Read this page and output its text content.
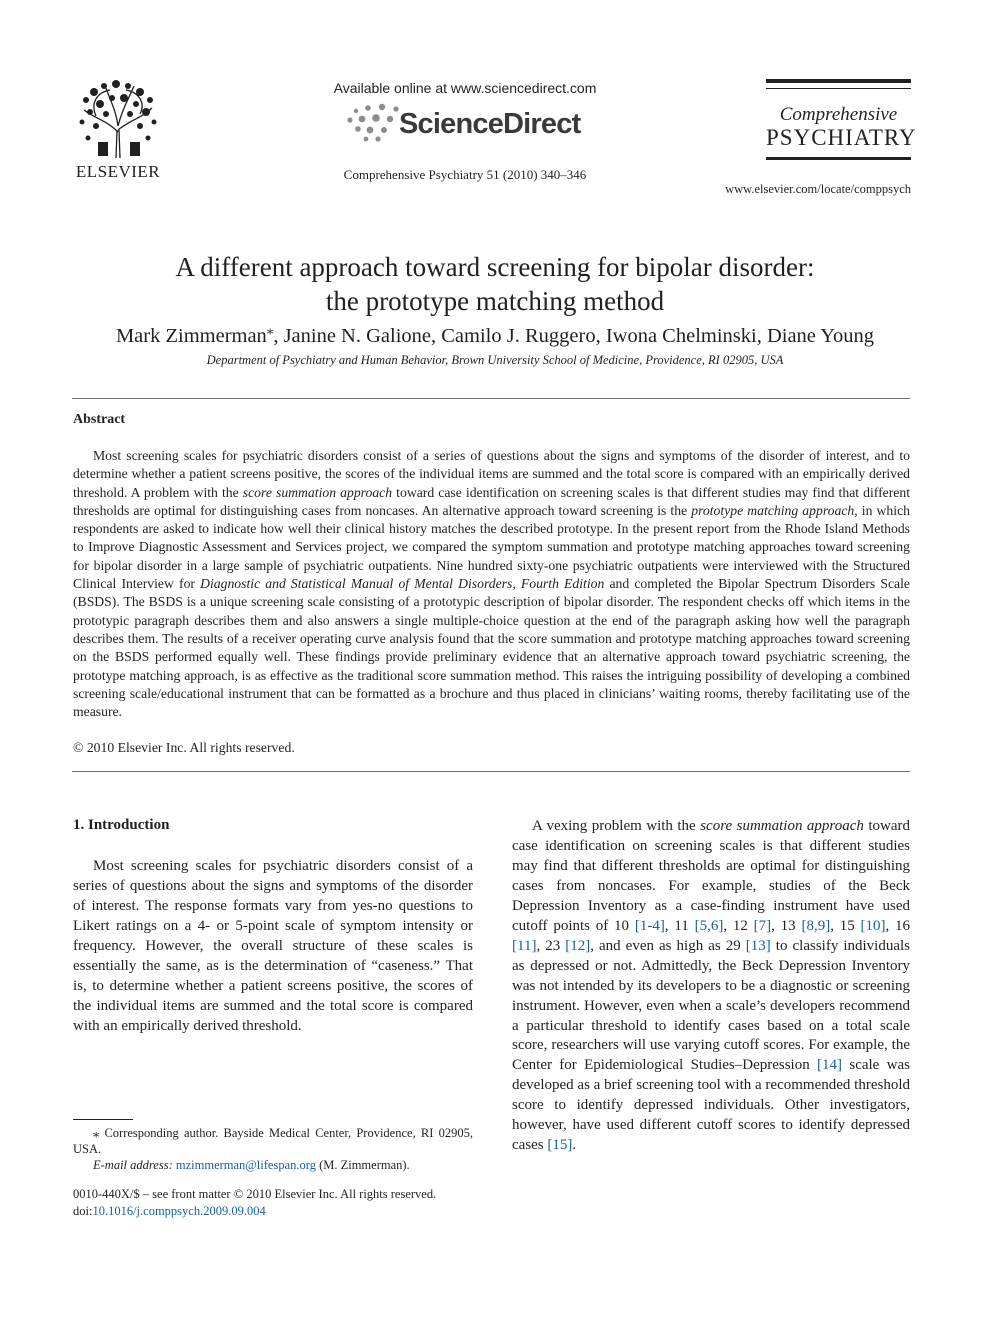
ELSEVIER
Available online at www.sciencedirect.com
ScienceDirect
Comprehensive Psychiatry 51 (2010) 340–346
Comprehensive
PSYCHIATRY
www.elsevier.com/locate/comppsych
A different approach toward screening for bipolar disorder:
the prototype matching method
Mark Zimmerman⁎, Janine N. Galione, Camilo J. Ruggero, Iwona Chelminski, Diane Young
Department of Psychiatry and Human Behavior, Brown University School of Medicine, Providence, RI 02905, USA
Abstract
Most screening scales for psychiatric disorders consist of a series of questions about the signs and symptoms of the disorder of interest, and to determine whether a patient screens positive, the scores of the individual items are summed and the total score is compared with an empirically derived threshold. A problem with the score summation approach toward case identification on screening scales is that different studies may find that different thresholds are optimal for distinguishing cases from noncases. An alternative approach toward screening is the prototype matching approach, in which respondents are asked to indicate how well their clinical history matches the described prototype. In the present report from the Rhode Island Methods to Improve Diagnostic Assessment and Services project, we compared the symptom summation and prototype matching approaches toward screening for bipolar disorder in a large sample of psychiatric outpatients. Nine hundred sixty-one psychiatric outpatients were interviewed with the Structured Clinical Interview for Diagnostic and Statistical Manual of Mental Disorders, Fourth Edition and completed the Bipolar Spectrum Disorders Scale (BSDS). The BSDS is a unique screening scale consisting of a prototypic description of bipolar disorder. The respondent checks off which items in the prototypic paragraph describes them and also answers a single multiple-choice question at the end of the paragraph asking how well the paragraph describes them. The results of a receiver operating curve analysis found that the score summation and prototype matching approaches toward screening on the BSDS performed equally well. These findings provide preliminary evidence that an alternative approach toward psychiatric screening, the prototype matching approach, is as effective as the traditional score summation method. This raises the intriguing possibility of developing a combined screening scale/educational instrument that can be formatted as a brochure and thus placed in clinicians’ waiting rooms, thereby facilitating use of the measure.
© 2010 Elsevier Inc. All rights reserved.
1. Introduction
Most screening scales for psychiatric disorders consist of a series of questions about the signs and symptoms of the disorder of interest. The response formats vary from yes-no questions to Likert ratings on a 4- or 5-point scale of symptom intensity or frequency. However, the overall structure of these scales is essentially the same, as is the determination of “caseness.” That is, to determine whether a patient screens positive, the scores of the individual items are summed and the total score is compared with an empirically derived threshold.
⁎ Corresponding author. Bayside Medical Center, Providence, RI 02905, USA.
E-mail address: mzimmerman@lifespan.org (M. Zimmerman).
0010-440X/$ – see front matter © 2010 Elsevier Inc. All rights reserved.
doi:10.1016/j.comppsych.2009.09.004
A vexing problem with the score summation approach toward case identification on screening scales is that different studies may find that different thresholds are optimal for distinguishing cases from noncases. For example, studies of the Beck Depression Inventory as a case-finding instrument have used cutoff points of 10 [1-4], 11 [5,6], 12 [7], 13 [8,9], 15 [10], 16 [11], 23 [12], and even as high as 29 [13] to classify individuals as depressed or not. Admittedly, the Beck Depression Inventory was not intended by its developers to be a diagnostic or screening instrument. However, even when a scale’s developers recommend a particular threshold to identify cases based on a total scale score, researchers will use varying cutoff scores. For example, the Center for Epidemiological Studies–Depression [14] scale was developed as a brief screening tool with a recommended threshold score to identify depressed individuals. Other investigators, however, have used different cutoff scores to identify depressed cases [15].
